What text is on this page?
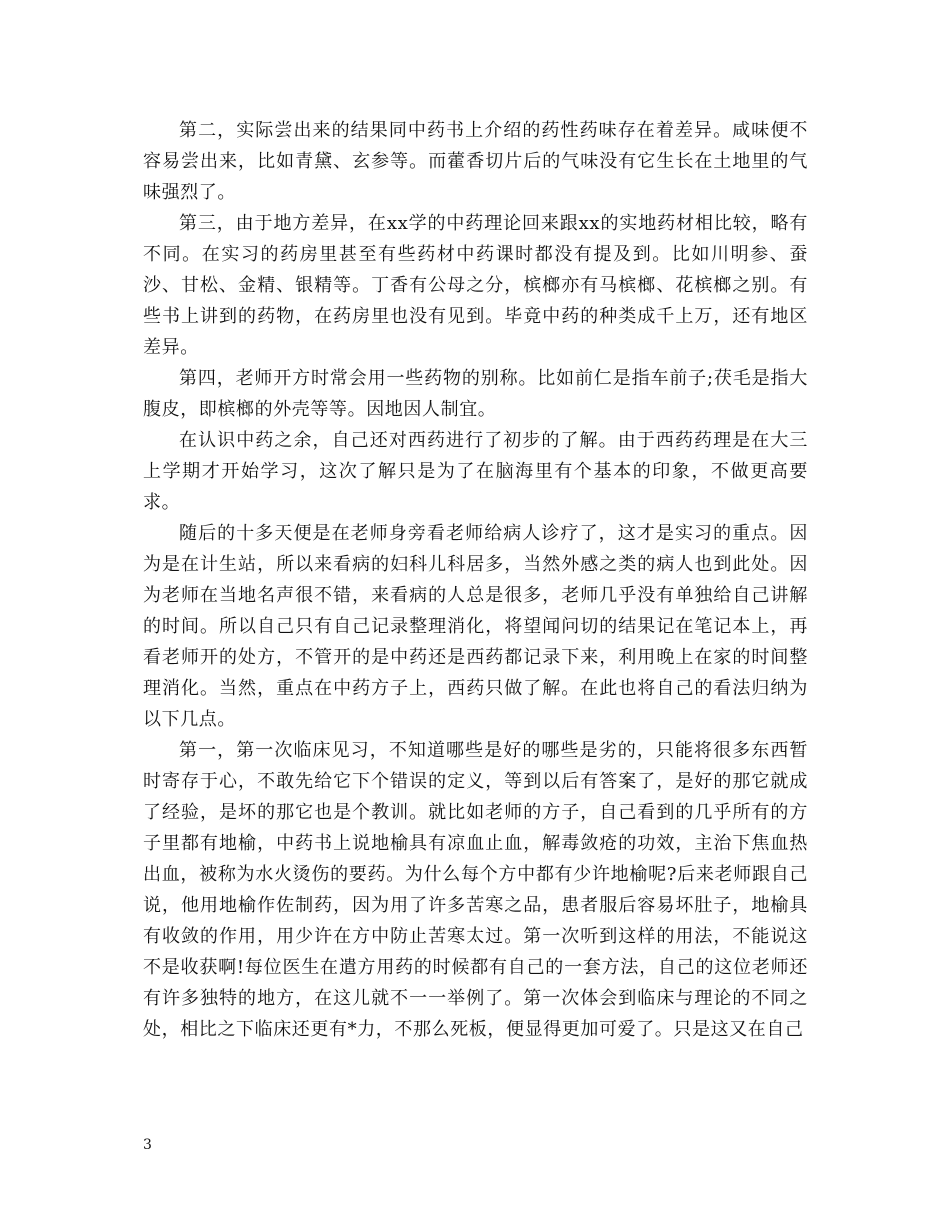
第二，实际尝出来的结果同中药书上介绍的药性药味存在着差异。咸味便不容易尝出来，比如青黛、玄参等。而藿香切片后的气味没有它生长在土地里的气味强烈了。

第三，由于地方差异，在xx学的中药理论回来跟xx的实地药材相比较，略有不同。在实习的药房里甚至有些药材中药课时都没有提及到。比如川明参、蚕沙、甘松、金精、银精等。丁香有公母之分，槟榔亦有马槟榔、花槟榔之别。有些书上讲到的药物，在药房里也没有见到。毕竟中药的种类成千上万，还有地区差异。

第四，老师开方时常会用一些药物的别称。比如前仁是指车前子;茯毛是指大腹皮，即槟榔的外壳等等。因地因人制宜。

在认识中药之余，自己还对西药进行了初步的了解。由于西药药理是在大三上学期才开始学习，这次了解只是为了在脑海里有个基本的印象，不做更高要求。

随后的十多天便是在老师身旁看老师给病人诊疗了，这才是实习的重点。因为是在计生站，所以来看病的妇科儿科居多，当然外感之类的病人也到此处。因为老师在当地名声很不错，来看病的人总是很多，老师几乎没有单独给自己讲解的时间。所以自己只有自己记录整理消化，将望闻问切的结果记在笔记本上，再看老师开的处方，不管开的是中药还是西药都记录下来，利用晚上在家的时间整理消化。当然，重点在中药方子上，西药只做了解。在此也将自己的看法归纳为以下几点。

第一，第一次临床见习，不知道哪些是好的哪些是劣的，只能将很多东西暂时寄存于心，不敢先给它下个错误的定义，等到以后有答案了，是好的那它就成了经验，是坏的那它也是个教训。就比如老师的方子，自己看到的几乎所有的方子里都有地榆，中药书上说地榆具有凉血止血，解毒敛疮的功效，主治下焦血热出血，被称为水火烫伤的要药。为什么每个方中都有少许地榆呢?后来老师跟自己说，他用地榆作佐制药，因为用了许多苦寒之品，患者服后容易坏肚子，地榆具有收敛的作用，用少许在方中防止苦寒太过。第一次听到这样的用法，不能说这不是收获啊!每位医生在遣方用药的时候都有自己的一套方法，自己的这位老师还有许多独特的地方，在这儿就不一一举例了。第一次体会到临床与理论的不同之处，相比之下临床还更有*力，不那么死板，便显得更加可爱了。只是这又在自己

3
